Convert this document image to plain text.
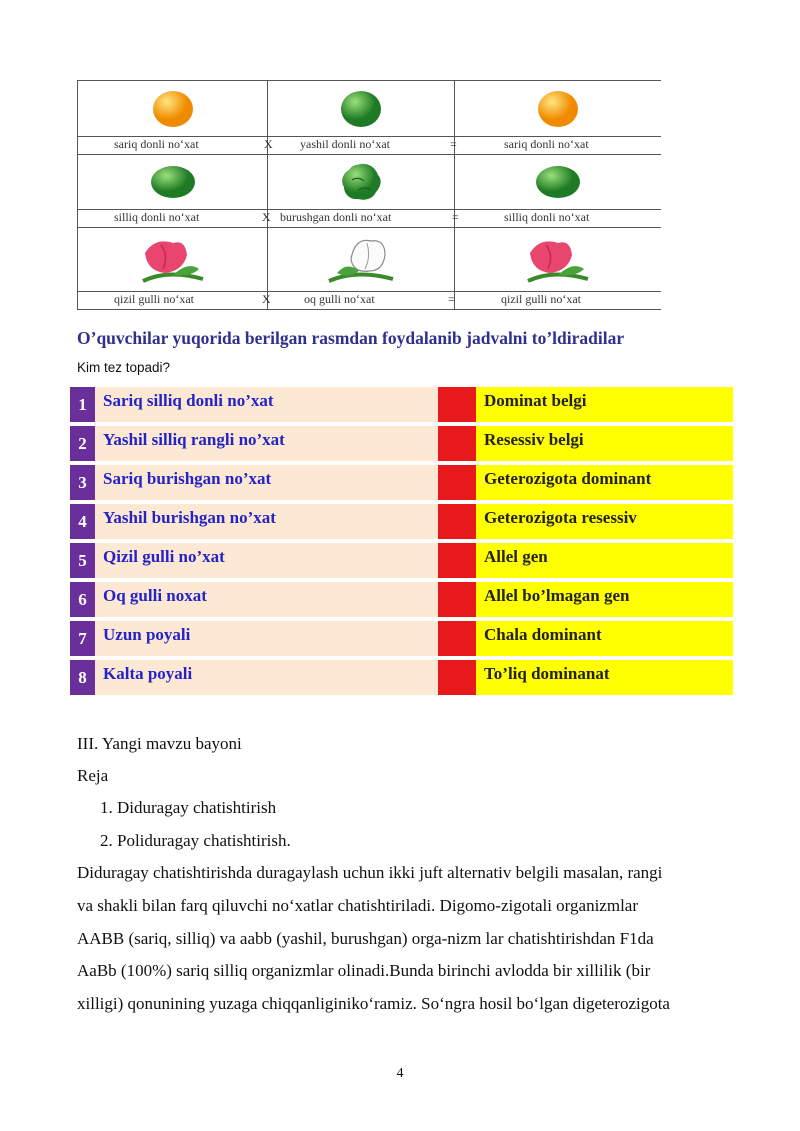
sariq donli no‘xat	X yashil donli no‘xat	=	sariq donli no‘xat
silliq donli no‘xat	X burushgan donli no‘xat	=	silliq donli no‘xat
qizil gulli no‘xat	X	oq gulli no‘xat	=	qizil gulli no‘xat
O’quvchilar yuqorida berilgan rasmdan foydalanib jadvalni to’ldiradilar
Kim tez topadi?
1 Sariq silliq donli no’xat	A	Dominat belgi
2 Yashil silliq rangli no’xat	B	Resessiv belgi
3 Sariq burishgan no’xat	C	Geterozigota dominant
4 Yashil burishgan no’xat	D	Geterozigota resessiv
5 Qizil gulli no’xat	E	Allel gen
6 Oq gulli noxat	F	Allel bo’lmagan gen
7 Uzun poyali	G	Chala dominant
8 Kalta poyali	H	To’liq dominanat
III. Yangi mavzu bayoni
Reja
1. Diduragay chatishtirish
2. Poliduragay chatishtirish.
Diduragay chatishtirishda duragaylash uchun ikki juft alternativ belgili masalan, rangi
va shakli bilan farq qiluvchi no‘xatlar chatishtiriladi. Digomo-zigotali organizmlar
AABB (sariq, silliq) va aabb (yashil, burushgan) orga-nizm lar chatishtirishdan F1da
AaBb (100%) sariq silliq organizmlar olinadi.Bunda birinchi avlodda bir xillilik (bir
xilligi) qonunining yuzaga chiqqanliginiko‘ramiz. So‘ngra hosil bo‘lgan digeterozigota
4
